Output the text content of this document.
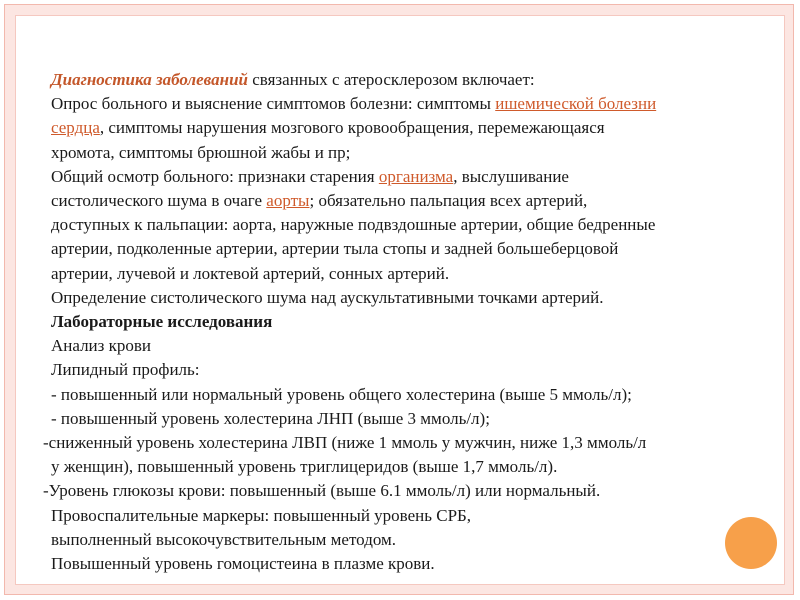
Диагностика заболеваний связанных с атеросклерозом включает:

Опрос больного и выяснение симптомов болезни: симптомы ишемической болезни

сердца, симптомы нарушения мозгового кровообращения, перемежающаяся

хромота, симптомы брюшной жабы и пр;

Общий осмотр больного: признаки старения организма, выслушивание

систолического шума в очаге аорты; обязательно пальпация всех артерий,

доступных к пальпации: аорта, наружные подвздошные артерии, общие бедренные

артерии, подколенные артерии, артерии тыла стопы и задней большеберцовой

артерии, лучевой и локтевой артерий, сонных артерий.

Определение систолического шума над аускультативными точками артерий.

Лабораторные исследования

Анализ крови

Липидный профиль:

- повышенный или нормальный уровень общего холестерина (выше 5 ммоль/л);

- повышенный уровень холестерина ЛНП (выше 3 ммоль/л);

-сниженный уровень холестерина ЛВП (ниже 1 ммоль у мужчин, ниже 1,3 ммоль/л

у женщин), повышенный уровень триглицеридов (выше 1,7 ммоль/л).

-Уровень глюкозы крови: повышенный (выше 6.1 ммоль/л) или нормальный.

Провоспалительные маркеры: повышенный уровень СРБ,

выполненный высокочувствительным методом.

Повышенный уровень гомоцистеина в плазме крови.
